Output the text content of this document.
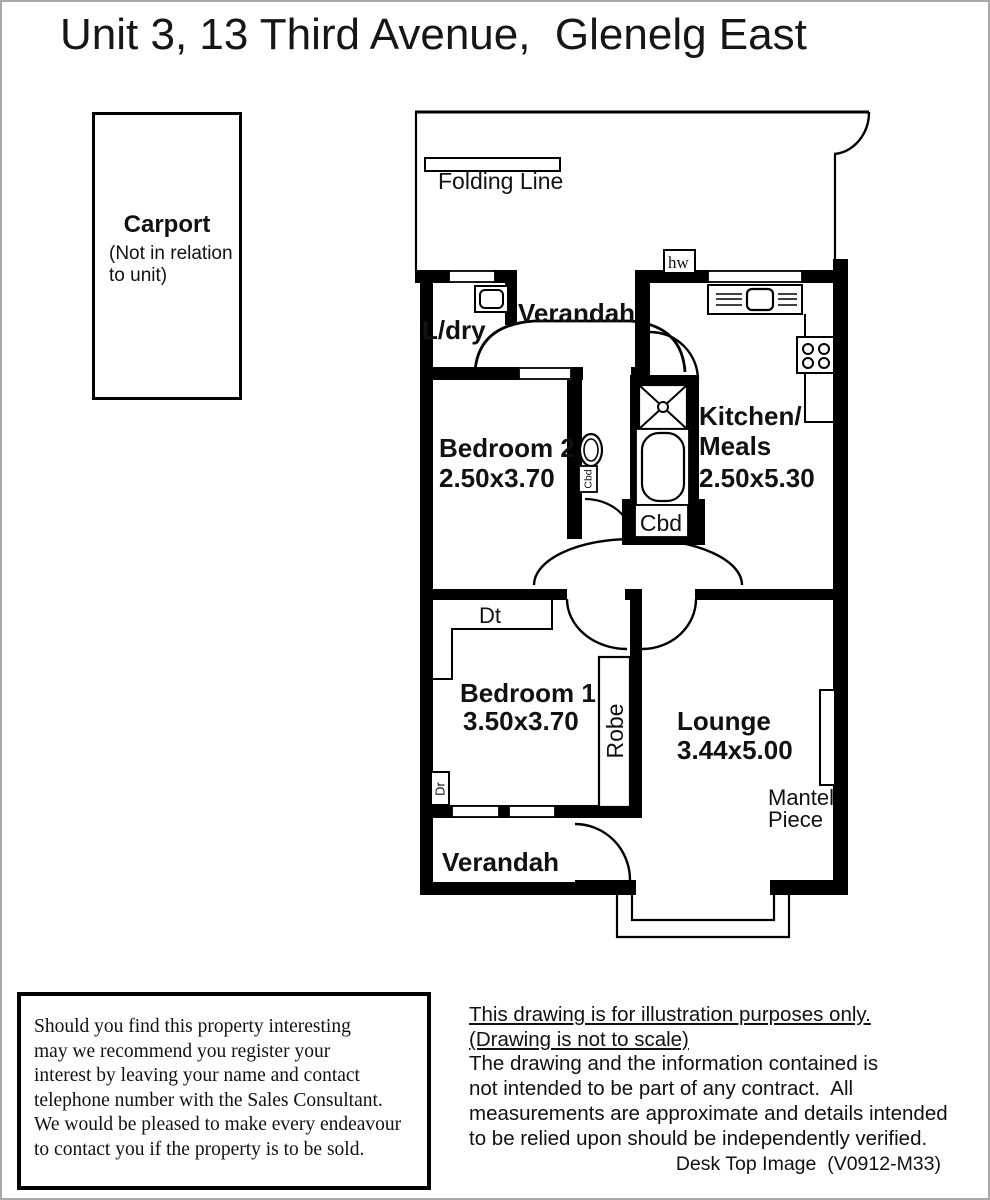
Unit 3, 13 Third Avenue,  Glenelg East
Carport
(Not in relation
to unit)
Folding Line
hw
Cbd
Cbd
Dt
Robe
Dr	Mantel
Piece
L/dry
Verandah
Bedroom 2
2.50x3.70
Kitchen/
Meals
2.50x5.30
Bedroom 1
3.50x3.70	Lounge
3.44x5.00
Verandah
Should you find this property interesting
may we recommend you register your
interest by leaving your name and contact
telephone number with the Sales Consultant.
We would be pleased to make every endeavour
to contact you if the property is to be sold.
This drawing is for illustration purposes only.
(Drawing is not to scale)
The drawing and the information contained is
not intended to be part of any contract.  All
measurements are approximate and details intended
to be relied upon should be independently verified.
Desk Top Image  (V0912-M33)
